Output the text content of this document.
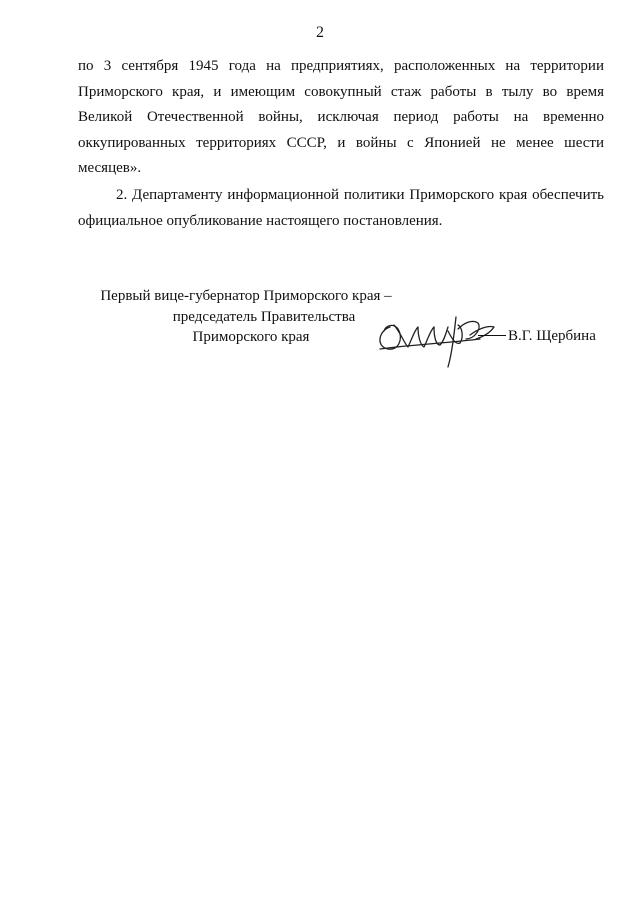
2

по 3 сентября 1945 года на предприятиях, расположенных на территории Приморского края, и имеющим совокупный стаж работы в тылу во время Великой Отечественной войны, исключая период работы на временно оккупированных территориях СССР, и войны с Японией не менее шести месяцев».

2. Департаменту информационной политики Приморского края обеспечить официальное опубликование настоящего постановления.

Первый вице-губернатор Приморского края –
председатель Правительства
Приморского края	В.Г. Щербина
